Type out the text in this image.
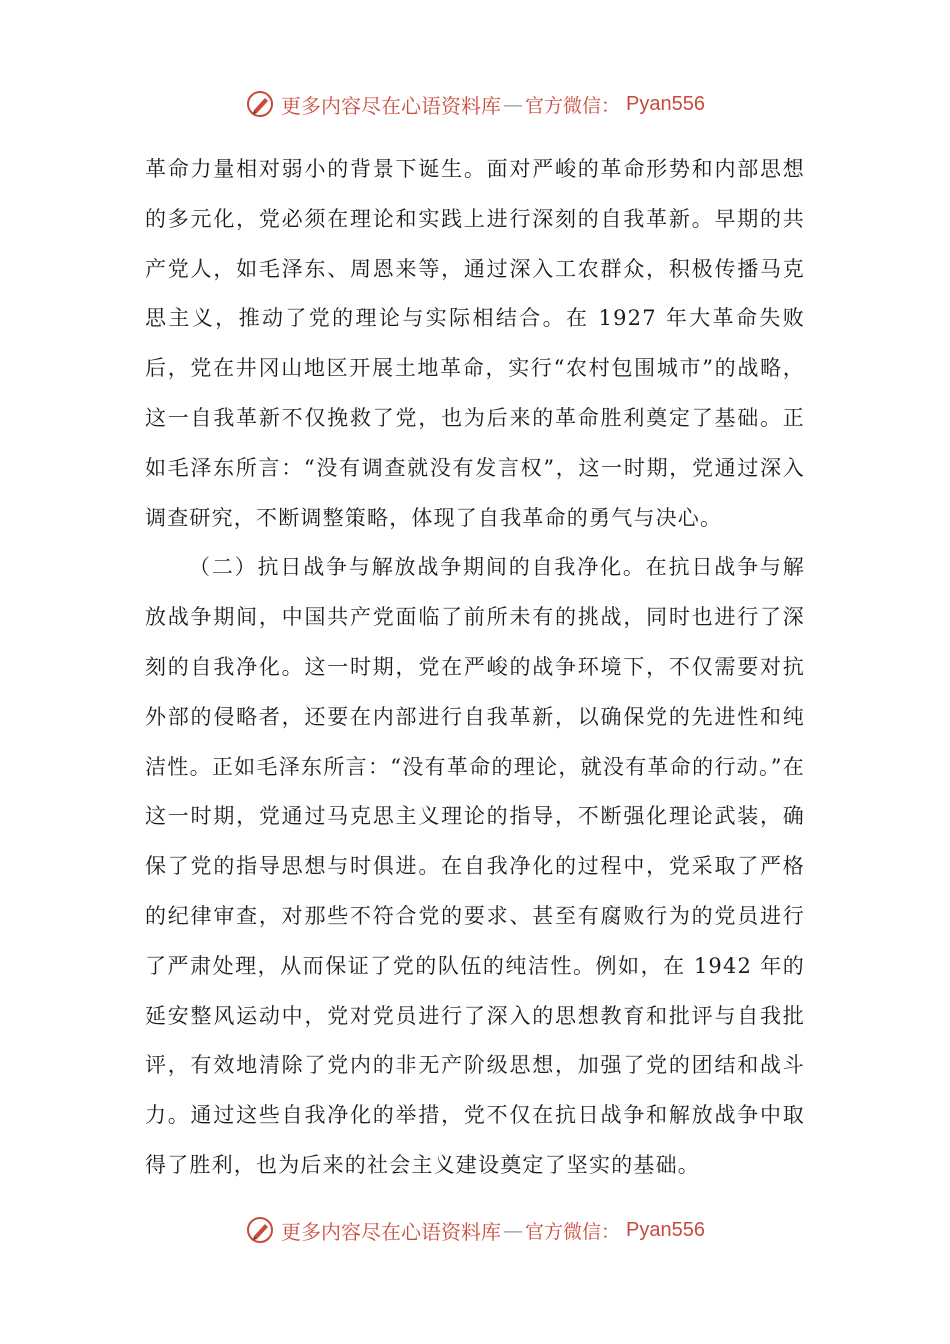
更多内容尽在心语资料库 — 官方微信： Pyan556

革命力量相对弱小的背景下诞生。面对严峻的革命形势和内部思想的多元化，党必须在理论和实践上进行深刻的自我革新。早期的共产党人，如毛泽东、周恩来等，通过深入工农群众，积极传播马克思主义，推动了党的理论与实际相结合。在 1927 年大革命失败后，党在井冈山地区开展土地革命，实行“农村包围城市”的战略，这一自我革新不仅挽救了党，也为后来的革命胜利奠定了基础。正如毛泽东所言：“没有调查就没有发言权”，这一时期，党通过深入调查研究，不断调整策略，体现了自我革命的勇气与决心。

（二）抗日战争与解放战争期间的自我净化。在抗日战争与解放战争期间，中国共产党面临了前所未有的挑战，同时也进行了深刻的自我净化。这一时期，党在严峻的战争环境下，不仅需要对抗外部的侵略者，还要在内部进行自我革新，以确保党的先进性和纯洁性。正如毛泽东所言：“没有革命的理论，就没有革命的行动。”在这一时期，党通过马克思主义理论的指导，不断强化理论武装，确保了党的指导思想与时俱进。在自我净化的过程中，党采取了严格的纪律审查，对那些不符合党的要求、甚至有腐败行为的党员进行了严肃处理，从而保证了党的队伍的纯洁性。例如，在 1942 年的延安整风运动中，党对党员进行了深入的思想教育和批评与自我批评，有效地清除了党内的非无产阶级思想，加强了党的团结和战斗力。通过这些自我净化的举措，党不仅在抗日战争和解放战争中取得了胜利，也为后来的社会主义建设奠定了坚实的基础。

更多内容尽在心语资料库 — 官方微信： Pyan556
